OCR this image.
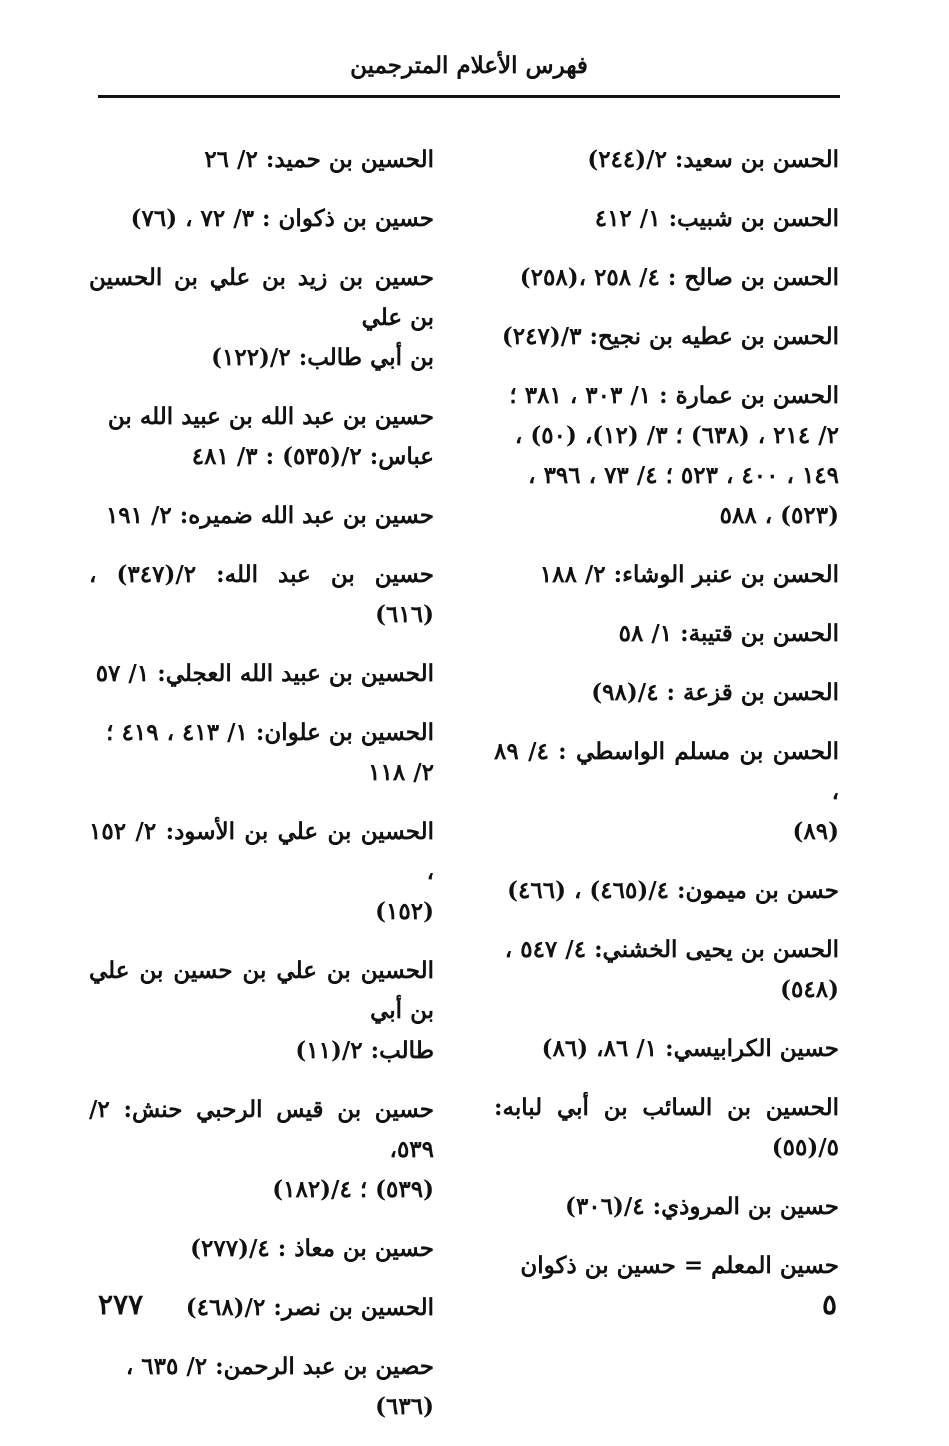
فهرس الأعلام المترجمين
الحسن بن سعيد: ٢/(٢٤٤)
الحسن بن شبيب: ١/ ٤١٢
الحسن بن صالح : ٤/ ٢٥٨ ،(٢٥٨)
الحسن بن عطيه بن نجيح: ٣/(٢٤٧)
الحسن بن عمارة : ١/ ٣٠٣ ، ٣٨١ ؛
٢/ ٢١٤ ، (٦٣٨) ؛ ٣/ (١٢)، (٥٠) ،
١٤٩ ، ٤٠٠ ، ٥٢٣ ؛ ٤/ ٧٣ ، ٣٩٦ ،
(٥٢٣) ، ٥٨٨
الحسن بن عنبر الوشاء: ٢/ ١٨٨
الحسن بن قتيبة: ١/ ٥٨
الحسن بن قزعة : ٤/(٩٨)
الحسن بن مسلم الواسطي : ٤/ ٨٩ ،
(٨٩)
حسن بن ميمون: ٤/(٤٦٥) ، (٤٦٦)
الحسن بن يحيى الخشني: ٤/ ٥٤٧ ،
(٥٤٨)
حسين الكرابيسي: ١/ ٨٦، (٨٦)
الحسين بن السائب بن أبي لبابه: ٥/(٥٥)
حسين بن المروذي: ٤/(٣٠٦)
حسين المعلم = حسين بن ذكوان
الحسين بن حميد: ٢/ ٢٦
حسين بن ذكوان : ٣/ ٧٢ ، (٧٦)
حسين بن زيد بن علي بن الحسين بن علي
بن أبي طالب: ٢/(١٢٢)
حسين بن عبد الله بن عبيد الله بن
عباس: ٢/(٥٣٥) : ٣/ ٤٨١
حسين بن عبد الله ضميره: ٢/ ١٩١
حسين بن عبد الله: ٢/(٣٤٧) ، (٦١٦)
الحسين بن عبيد الله العجلي: ١/ ٥٧
الحسين بن علوان: ١/ ٤١٣ ، ٤١٩ ؛
٢/ ١١٨
الحسين بن علي بن الأسود: ٢/ ١٥٢ ،
(١٥٢)
الحسين بن علي بن حسين بن علي بن أبي
طالب: ٢/(١١)
حسين بن قيس الرحبي حنش: ٢/ ٥٣٩،
(٥٣٩) ؛ ٤/(١٨٢)
حسين بن معاذ : ٤/(٢٧٧)
الحسين بن نصر: ٢/(٤٦٨)
حصين بن عبد الرحمن: ٢/ ٦٣٥ ،
(٦٣٦)
٥
٢٧٧
